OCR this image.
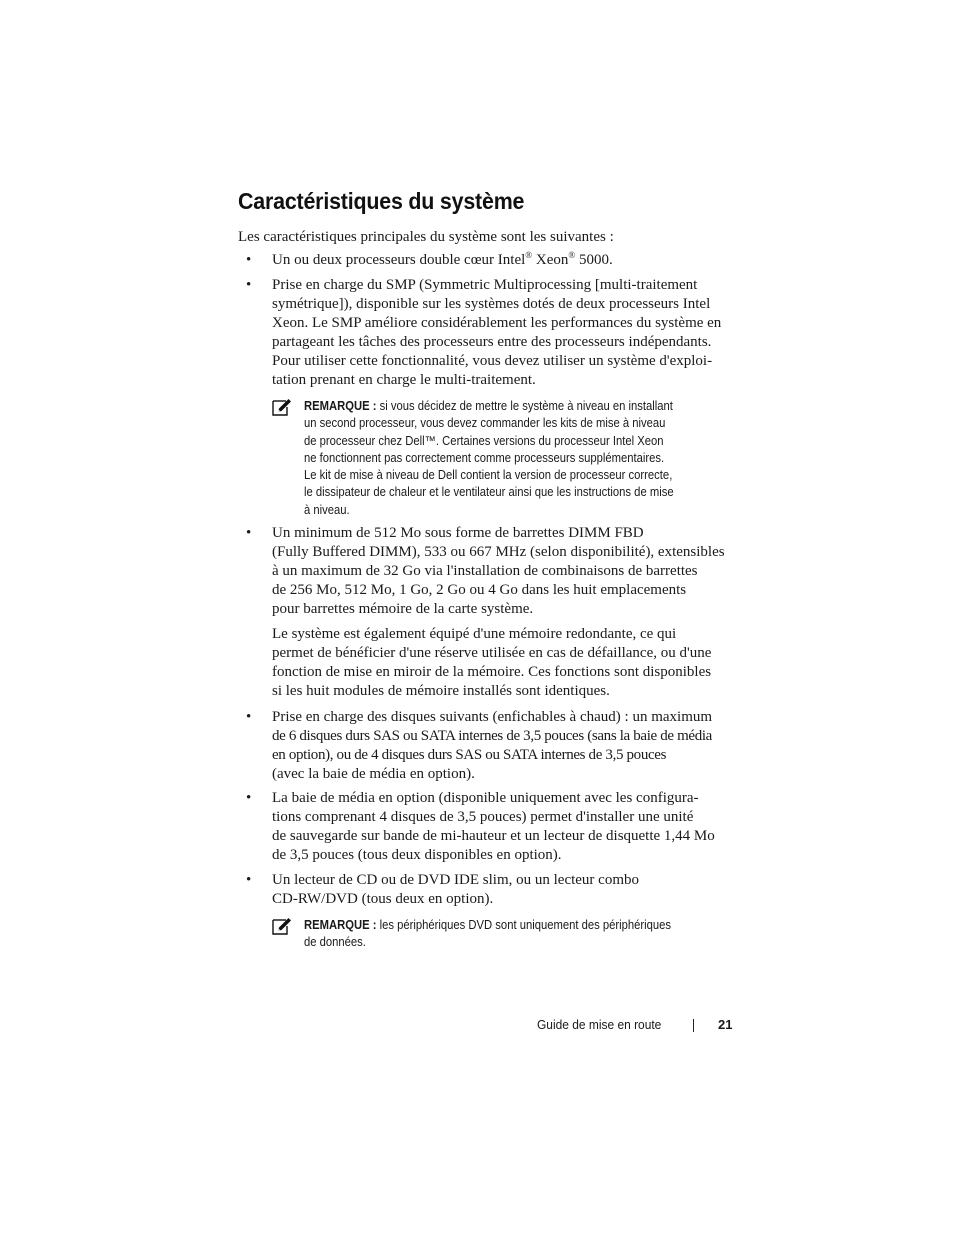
Caractéristiques du système

Les caractéristiques principales du système sont les suivantes :

• Un ou deux processeurs double cœur Intel® Xeon® 5000.
• Prise en charge du SMP (Symmetric Multiprocessing [multi-traitement
symétrique]), disponible sur les systèmes dotés de deux processeurs Intel
Xeon. Le SMP améliore considérablement les performances du système en
partageant les tâches des processeurs entre des processeurs indépendants.
Pour utiliser cette fonctionnalité, vous devez utiliser un système d'exploi-
tation prenant en charge le multi-traitement.
REMARQUE : si vous décidez de mettre le système à niveau en installant
un second processeur, vous devez commander les kits de mise à niveau
de processeur chez Dell™. Certaines versions du processeur Intel Xeon
ne fonctionnent pas correctement comme processeurs supplémentaires.
Le kit de mise à niveau de Dell contient la version de processeur correcte,
le dissipateur de chaleur et le ventilateur ainsi que les instructions de mise
à niveau.
• Un minimum de 512 Mo sous forme de barrettes DIMM FBD
(Fully Buffered DIMM), 533 ou 667 MHz (selon disponibilité), extensibles
à un maximum de 32 Go via l'installation de combinaisons de barrettes
de 256 Mo, 512 Mo, 1 Go, 2 Go ou 4 Go dans les huit emplacements
pour barrettes mémoire de la carte système.
Le système est également équipé d'une mémoire redondante, ce qui
permet de bénéficier d'une réserve utilisée en cas de défaillance, ou d'une
fonction de mise en miroir de la mémoire. Ces fonctions sont disponibles
si les huit modules de mémoire installés sont identiques.
• Prise en charge des disques suivants (enfichables à chaud) : un maximum
de 6 disques durs SAS ou SATA internes de 3,5 pouces (sans la baie de média
en option), ou de 4 disques durs SAS ou SATA internes de 3,5 pouces
(avec la baie de média en option).
• La baie de média en option (disponible uniquement avec les configura-
tions comprenant 4 disques de 3,5 pouces) permet d'installer une unité
de sauvegarde sur bande de mi-hauteur et un lecteur de disquette 1,44 Mo
de 3,5 pouces (tous deux disponibles en option).
• Un lecteur de CD ou de DVD IDE slim, ou un lecteur combo
CD-RW/DVD (tous deux en option).
REMARQUE : les périphériques DVD sont uniquement des périphériques
de données.
Guide de mise en route	21
